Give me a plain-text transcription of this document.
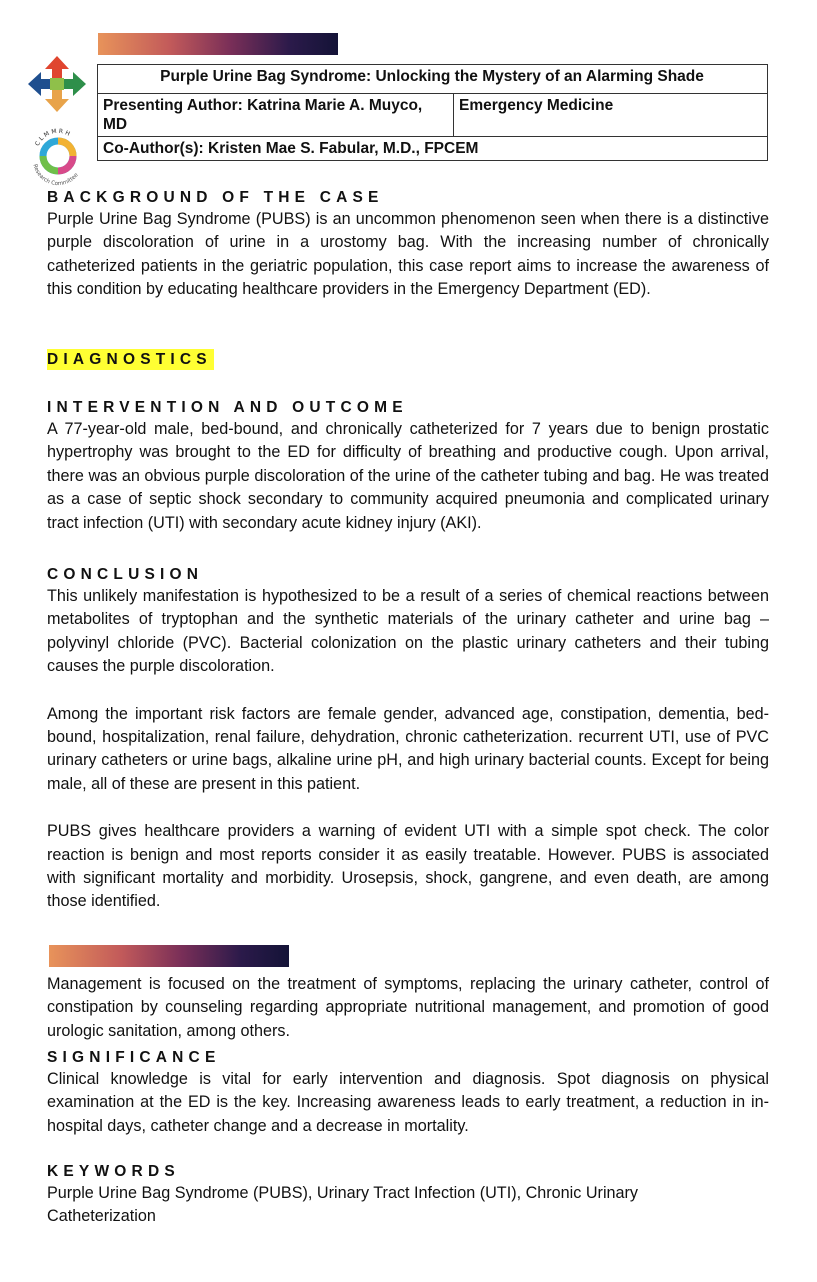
C L M M R H
Research Committee
Purple Urine Bag Syndrome: Unlocking the Mystery of an Alarming Shade
Presenting Author: Katrina Marie A. Muyco, MD	Emergency Medicine
Co-Author(s): Kristen Mae S. Fabular, M.D., FPCEM
BACKGROUND OF THE CASE

Purple Urine Bag Syndrome (PUBS) is an uncommon phenomenon seen when there is a distinctive purple discoloration of urine in a urostomy bag. With the increasing number of chronically catheterized patients in the geriatric population, this case report aims to increase the awareness of this condition by educating healthcare providers in the Emergency Department (ED).

DIAGNOSTICS
INTERVENTION AND OUTCOME

A 77-year-old male, bed-bound, and chronically catheterized for 7 years due to benign prostatic hypertrophy was brought to the ED for difficulty of breathing and productive cough. Upon arrival, there was an obvious purple discoloration of the urine of the catheter tubing and bag. He was treated as a case of septic shock secondary to community acquired pneumonia and complicated urinary tract infection (UTI) with secondary acute kidney injury (AKI).

CONCLUSION

This unlikely manifestation is hypothesized to be a result of a series of chemical reactions between metabolites of tryptophan and the synthetic materials of the urinary catheter and urine bag – polyvinyl chloride (PVC). Bacterial colonization on the plastic urinary catheters and their tubing causes the purple discoloration.

Among the important risk factors are female gender, advanced age, constipation, dementia, bed-bound, hospitalization, renal failure, dehydration, chronic catheterization. recurrent UTI, use of PVC urinary catheters or urine bags, alkaline urine pH, and high urinary bacterial counts. Except for being male, all of these are present in this patient.

PUBS gives healthcare providers a warning of evident UTI with a simple spot check. The color reaction is benign and most reports consider it as easily treatable. However. PUBS is associated with significant mortality and morbidity. Urosepsis, shock, gangrene, and even death, are among those identified.

Management is focused on the treatment of symptoms, replacing the urinary catheter, control of constipation by counseling regarding appropriate nutritional management, and promotion of good urologic sanitation, among others.

SIGNIFICANCE

Clinical knowledge is vital for early intervention and diagnosis. Spot diagnosis on physical examination at the ED is the key. Increasing awareness leads to early treatment, a reduction in in-hospital days, catheter change and a decrease in mortality.

KEYWORDS

Purple Urine Bag Syndrome (PUBS), Urinary Tract Infection (UTI), Chronic Urinary

Catheterization
